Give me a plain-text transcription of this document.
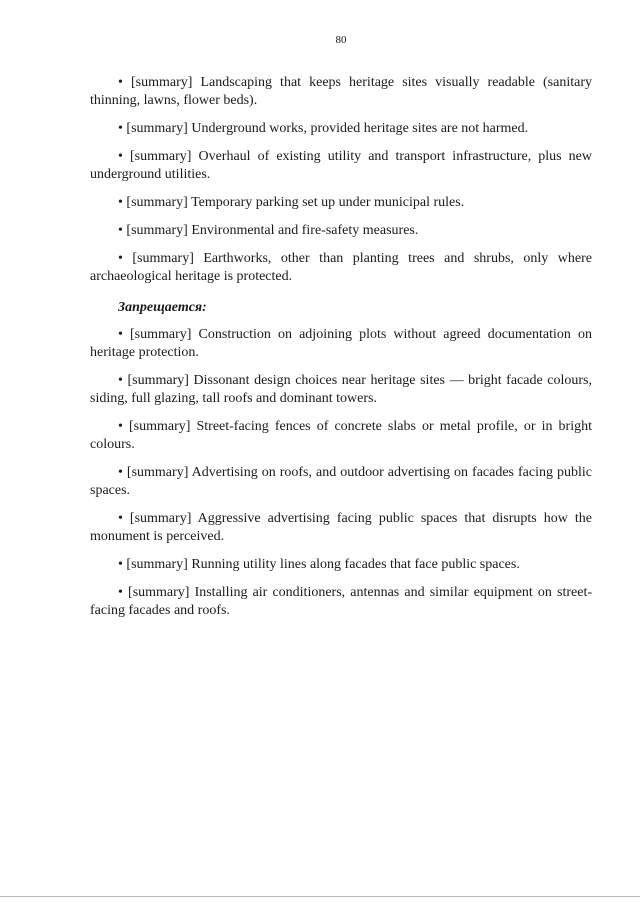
80
• [summary] Landscaping that keeps heritage sites visually readable (sanitary thinning, lawns, flower beds).
• [summary] Underground works, provided heritage sites are not harmed.
• [summary] Overhaul of existing utility and transport infrastructure, plus new underground utilities.
• [summary] Temporary parking set up under municipal rules.
• [summary] Environmental and fire-safety measures.
• [summary] Earthworks, other than planting trees and shrubs, only where archaeological heritage is protected.
Запрещается:
• [summary] Construction on adjoining plots without agreed documentation on heritage protection.
• [summary] Dissonant design choices near heritage sites — bright facade colours, siding, full glazing, tall roofs and dominant towers.
• [summary] Street-facing fences of concrete slabs or metal profile, or in bright colours.
• [summary] Advertising on roofs, and outdoor advertising on facades facing public spaces.
• [summary] Aggressive advertising facing public spaces that disrupts how the monument is perceived.
• [summary] Running utility lines along facades that face public spaces.
• [summary] Installing air conditioners, antennas and similar equipment on street-facing facades and roofs.
